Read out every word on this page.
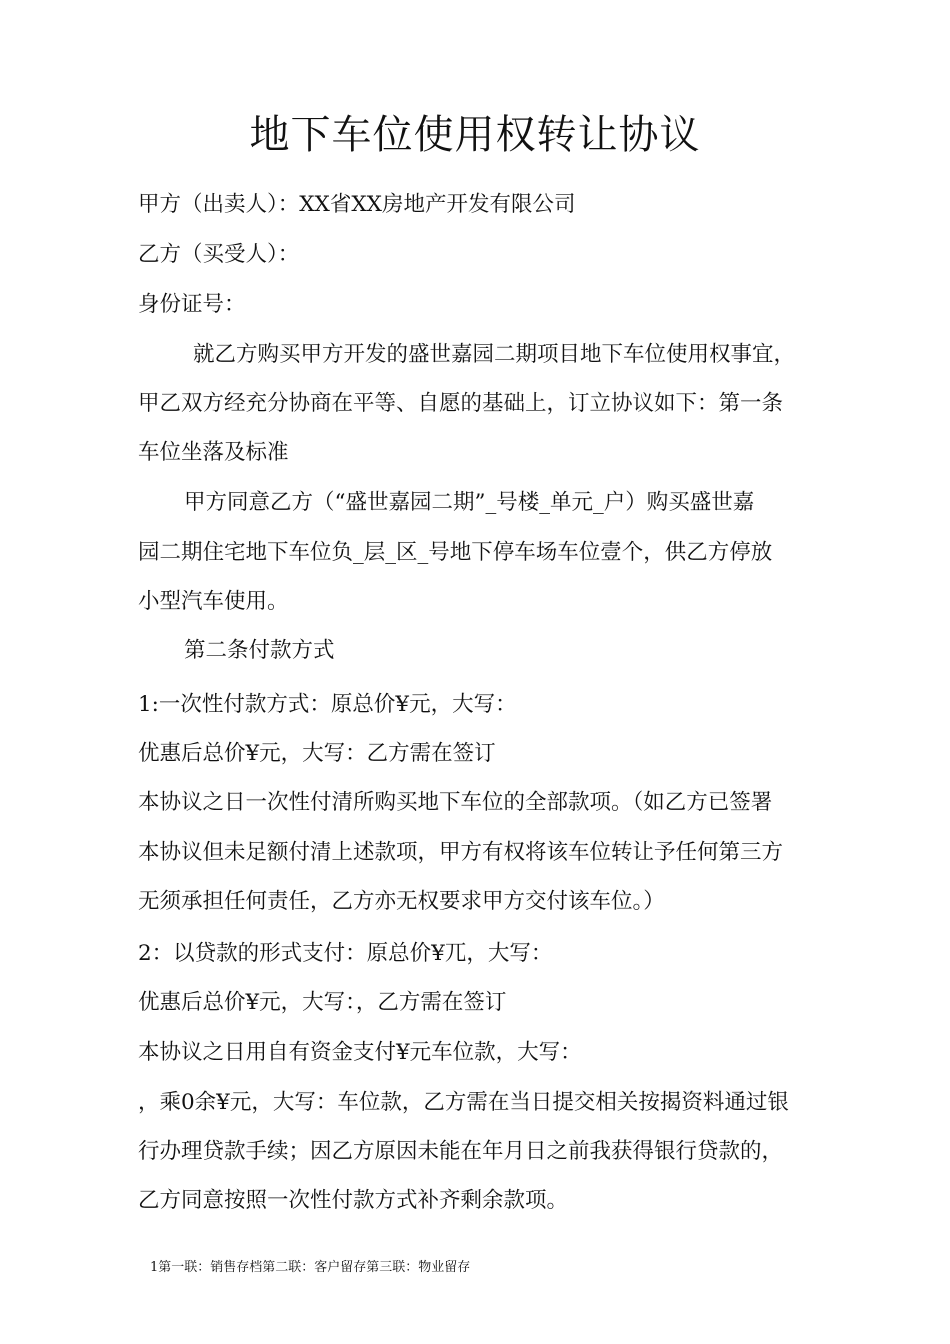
地下车位使用权转让协议
甲方（出卖人）：XX省XX房地产开发有限公司
乙方（买受人）：
身份证号：
就乙方购买甲方开发的盛世嘉园二期项目地下车位使用权事宜，
甲乙双方经充分协商在平等、自愿的基础上，订立协议如下：第一条
车位坐落及标准
甲方同意乙方（“盛世嘉园二期”_号楼_单元_户）购买盛世嘉
园二期住宅地下车位负_层_区_号地下停车场车位壹个，供乙方停放
小型汽车使用。
第二条付款方式
1:一次性付款方式：原总价¥元，大写：
优惠后总价¥元，大写：乙方需在签订
本协议之日一次性付清所购买地下车位的全部款项。（如乙方已签署
本协议但未足额付清上述款项，甲方有权将该车位转让予任何第三方
无须承担任何责任，乙方亦无权要求甲方交付该车位。）
2：以贷款的形式支付：原总价¥兀，大写：
优惠后总价¥元，大写：，乙方需在签订
本协议之日用自有资金支付¥元车位款，大写：
，乘0余¥元，大写：车位款，乙方需在当日提交相关按揭资料通过银
行办理贷款手续；因乙方原因未能在年月日之前我获得银行贷款的，
乙方同意按照一次性付款方式补齐剩余款项。
1第一联：销售存档第二联：客户留存第三联：物业留存
